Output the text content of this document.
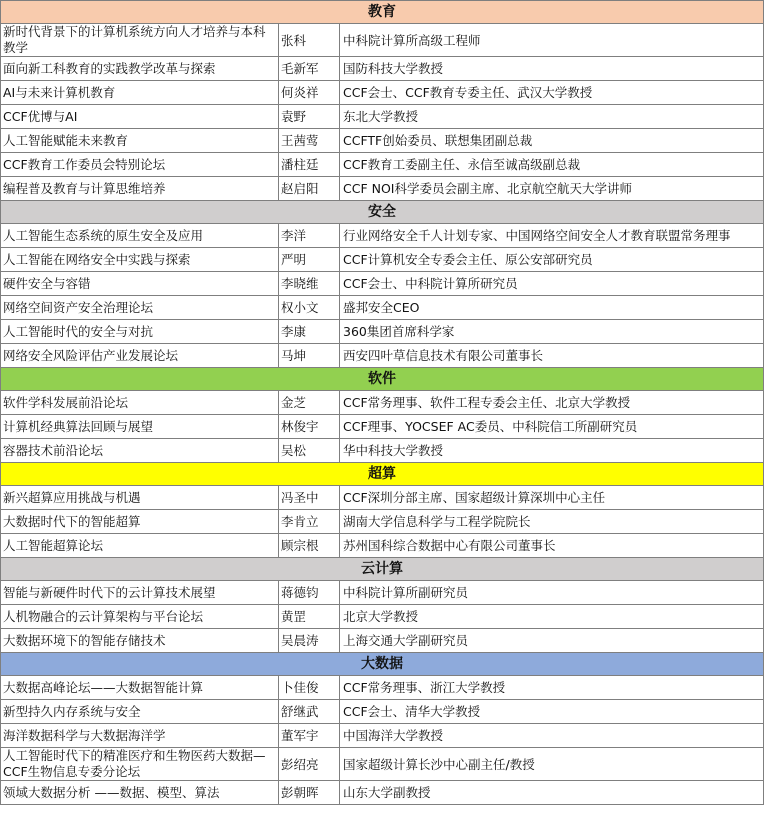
教育		
新时代背景下的计算机系统方向人才培养与本科教学	张科	中科院计算所高级工程师
面向新工科教育的实践教学改革与探索	毛新军	国防科技大学教授
AI与未来计算机教育	何炎祥	CCF会士、CCF教育专委主任、武汉大学教授
CCF优博与AI	袁野	东北大学教授
人工智能赋能未来教育	王茜莺	CCFTF创始委员、联想集团副总裁
CCF教育工作委员会特别论坛	潘柱廷	CCF教育工委副主任、永信至诚高级副总裁
编程普及教育与计算思维培养	赵启阳	CCF NOI科学委员会副主席、北京航空航天大学讲师
安全		
人工智能生态系统的原生安全及应用	李洋	行业网络安全千人计划专家、中国网络空间安全人才教育联盟常务理事
人工智能在网络安全中实践与探索	严明	CCF计算机安全专委会主任、原公安部研究员
硬件安全与容错	李晓维	CCF会士、中科院计算所研究员
网络空间资产安全治理论坛	权小文	盛邦安全CEO
人工智能时代的安全与对抗	李康	360集团首席科学家
网络安全风险评估产业发展论坛	马坤	西安四叶草信息技术有限公司董事长
软件		
软件学科发展前沿论坛	金芝	CCF常务理事、软件工程专委会主任、北京大学教授
计算机经典算法回顾与展望	林俊宇	CCF理事、YOCSEF AC委员、中科院信工所副研究员
容器技术前沿论坛	吴松	华中科技大学教授
超算		
新兴超算应用挑战与机遇	冯圣中	CCF深圳分部主席、国家超级计算深圳中心主任
大数据时代下的智能超算	李肯立	湖南大学信息科学与工程学院院长
人工智能超算论坛	顾宗根	苏州国科综合数据中心有限公司董事长
云计算		
智能与新硬件时代下的云计算技术展望	蒋德钧	中科院计算所副研究员
人机物融合的云计算架构与平台论坛	黄罡	北京大学教授
大数据环境下的智能存储技术	吴晨涛	上海交通大学副研究员
大数据		
大数据高峰论坛——大数据智能计算	卜佳俊	CCF常务理事、浙江大学教授
新型持久内存系统与安全	舒继武	CCF会士、清华大学教授
海洋数据科学与大数据海洋学	董军宇	中国海洋大学教授
人工智能时代下的精准医疗和生物医药大数据—CCF生物信息专委分论坛	彭绍亮	国家超级计算长沙中心副主任/教授
领域大数据分析 ——数据、模型、算法	彭朝晖	山东大学副教授
